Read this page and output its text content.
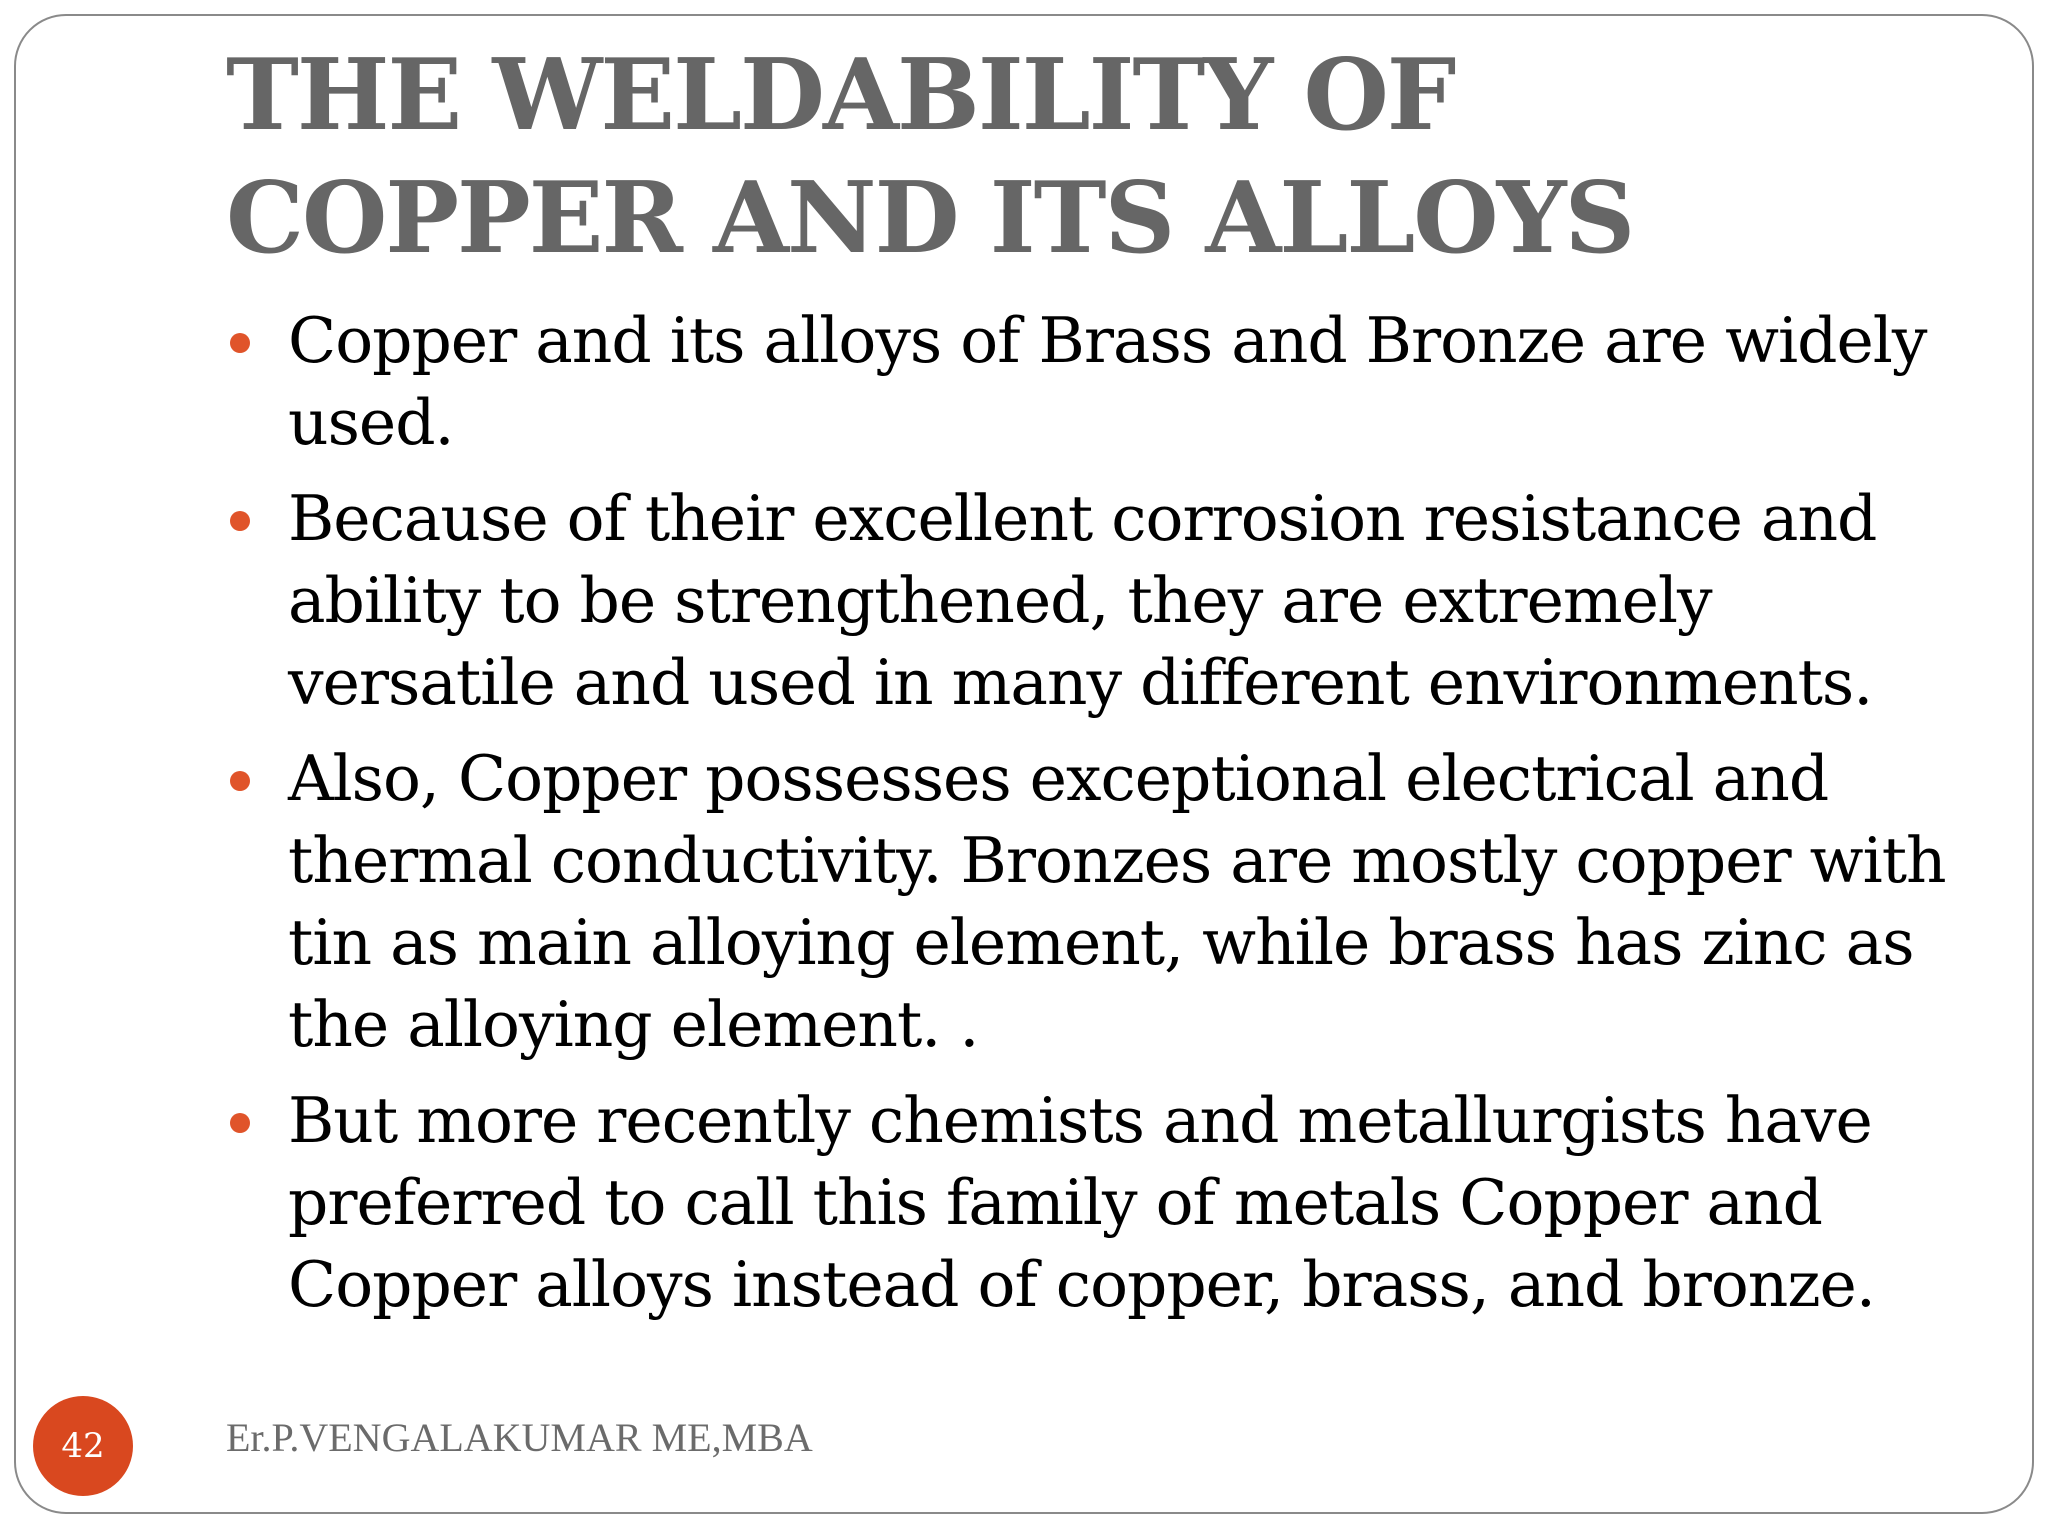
THE WELDABILITY OF COPPER AND ITS ALLOYS
Copper and its alloys of Brass and Bronze are widely used.
Because of their excellent corrosion resistance and ability to be strengthened, they are extremely versatile and used in many different environments.
Also, Copper possesses exceptional electrical and thermal conductivity. Bronzes are mostly copper with tin as main alloying element, while brass has zinc as the alloying element. .
But more recently chemists and metallurgists have preferred to call this family of metals Copper and Copper alloys instead of copper, brass, and bronze.
42	Er.P.VENGALAKUMAR ME,MBA
